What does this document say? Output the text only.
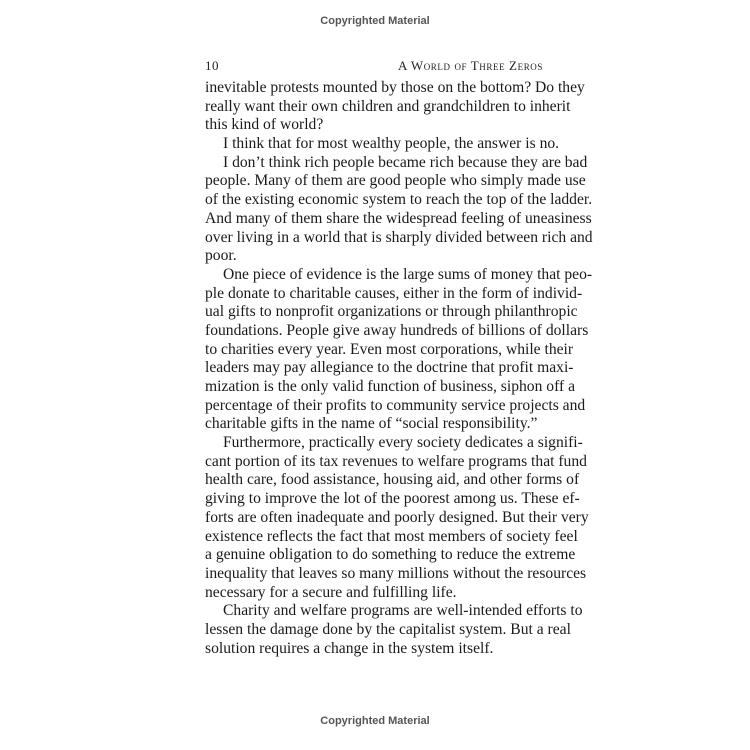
Copyrighted Material
10	A World of Three Zeros
inevitable protests mounted by those on the bottom? Do they
really want their own children and grandchildren to inherit
this kind of world?
I think that for most wealthy people, the answer is no.
I don’t think rich people became rich because they are bad
people. Many of them are good people who simply made use
of the existing economic system to reach the top of the ladder.
And many of them share the widespread feeling of uneasiness
over living in a world that is sharply divided between rich and
poor.
One piece of evidence is the large sums of money that peo-
ple donate to charitable causes, either in the form of individ-
ual gifts to nonprofit organizations or through philanthropic
foundations. People give away hundreds of billions of dollars
to charities every year. Even most corporations, while their
leaders may pay allegiance to the doctrine that profit maxi-
mization is the only valid function of business, siphon off a
percentage of their profits to community service projects and
charitable gifts in the name of “social responsibility.”
Furthermore, practically every society dedicates a signifi-
cant portion of its tax revenues to welfare programs that fund
health care, food assistance, housing aid, and other forms of
giving to improve the lot of the poorest among us. These ef-
forts are often inadequate and poorly designed. But their very
existence reflects the fact that most members of society feel
a genuine obligation to do something to reduce the extreme
inequality that leaves so many millions without the resources
necessary for a secure and fulfilling life.
Charity and welfare programs are well-intended efforts to
lessen the damage done by the capitalist system. But a real
solution requires a change in the system itself.
Copyrighted Material
